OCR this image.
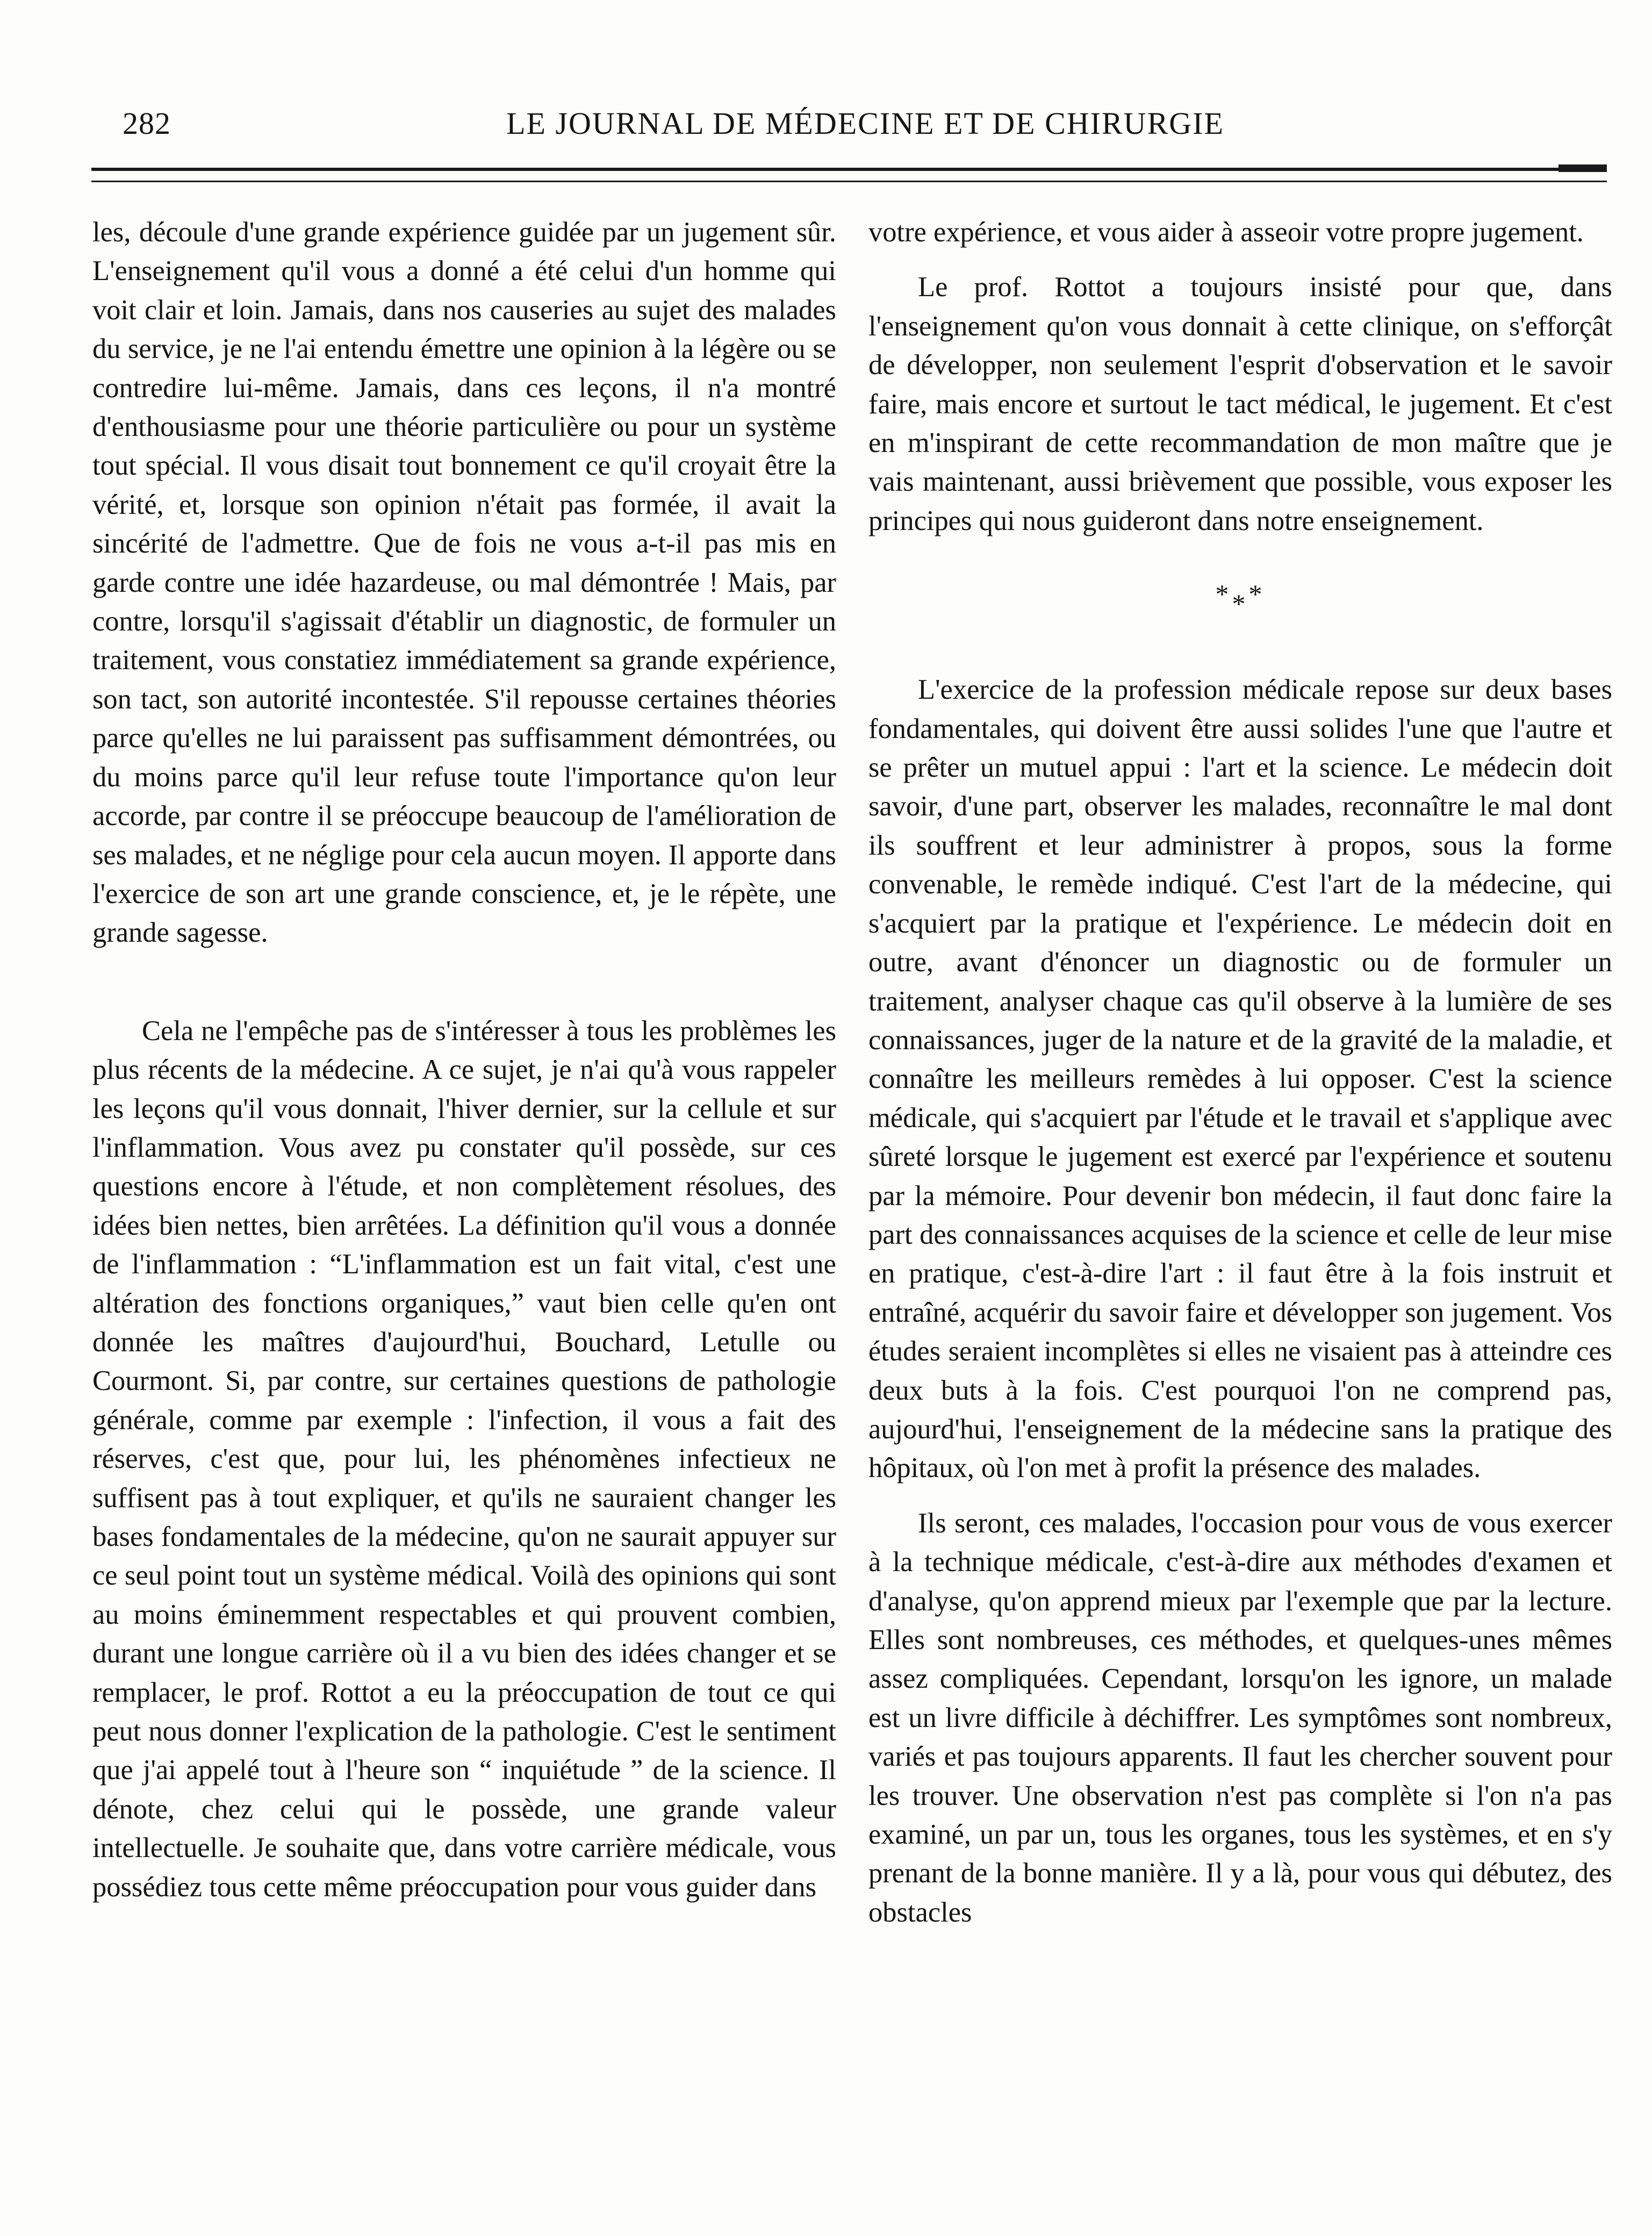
282	LE JOURNAL DE MÉDECINE ET DE CHIRURGIE

les, découle d'une grande expérience guidée par un jugement sûr. L'enseignement qu'il vous a donné a été celui d'un homme qui voit clair et loin. Jamais, dans nos causeries au sujet des malades du service, je ne l'ai entendu émettre une opinion à la légère ou se contredire lui-même. Jamais, dans ces leçons, il n'a montré d'enthousiasme pour une théorie particulière ou pour un système tout spécial. Il vous disait tout bonnement ce qu'il croyait être la vérité, et, lorsque son opinion n'était pas formée, il avait la sincérité de l'admettre. Que de fois ne vous a-t-il pas mis en garde contre une idée hazardeuse, ou mal démontrée ! Mais, par contre, lorsqu'il s'agissait d'établir un diagnostic, de formuler un traitement, vous constatiez immédiatement sa grande expérience, son tact, son autorité incontestée. S'il repousse certaines théories parce qu'elles ne lui paraissent pas suffisamment démontrées, ou du moins parce qu'il leur refuse toute l'importance qu'on leur accorde, par contre il se préoccupe beaucoup de l'amélioration de ses malades, et ne néglige pour cela aucun moyen. Il apporte dans l'exercice de son art une grande conscience, et, je le répète, une grande sagesse.

Cela ne l'empêche pas de s'intéresser à tous les problèmes les plus récents de la médecine. A ce sujet, je n'ai qu'à vous rappeler les leçons qu'il vous donnait, l'hiver dernier, sur la cellule et sur l'inflammation. Vous avez pu constater qu'il possède, sur ces questions encore à l'étude, et non complètement résolues, des idées bien nettes, bien arrêtées. La définition qu'il vous a donnée de l'inflammation : “L'inflammation est un fait vital, c'est une altération des fonctions organiques,” vaut bien celle qu'en ont donnée les maîtres d'aujourd'hui, Bouchard, Letulle ou Courmont. Si, par contre, sur certaines questions de pathologie générale, comme par exemple : l'infection, il vous a fait des réserves, c'est que, pour lui, les phénomènes infectieux ne suffisent pas à tout expliquer, et qu'ils ne sauraient changer les bases fondamentales de la médecine, qu'on ne saurait appuyer sur ce seul point tout un système médical. Voilà des opinions qui sont au moins éminemment respectables et qui prouvent combien, durant une longue carrière où il a vu bien des idées changer et se remplacer, le prof. Rottot a eu la préoccupation de tout ce qui peut nous donner l'explication de la pathologie. C'est le sentiment que j'ai appelé tout à l'heure son “ inquiétude ” de la science. Il dénote, chez celui qui le possède, une grande valeur intellectuelle. Je souhaite que, dans votre carrière médicale, vous possédiez tous cette même préoccupation pour vous guider dans

votre expérience, et vous aider à asseoir votre propre jugement.

Le prof. Rottot a toujours insisté pour que, dans l'enseignement qu'on vous donnait à cette clinique, on s'efforçât de développer, non seulement l'esprit d'observation et le savoir faire, mais encore et surtout le tact médical, le jugement. Et c'est en m'inspirant de cette recommandation de mon maître que je vais maintenant, aussi brièvement que possible, vous exposer les principes qui nous guideront dans notre enseignement.

***

L'exercice de la profession médicale repose sur deux bases fondamentales, qui doivent être aussi solides l'une que l'autre et se prêter un mutuel appui : l'art et la science. Le médecin doit savoir, d'une part, observer les malades, reconnaître le mal dont ils souffrent et leur administrer à propos, sous la forme convenable, le remède indiqué. C'est l'art de la médecine, qui s'acquiert par la pratique et l'expérience. Le médecin doit en outre, avant d'énoncer un diagnostic ou de formuler un traitement, analyser chaque cas qu'il observe à la lumière de ses connaissances, juger de la nature et de la gravité de la maladie, et connaître les meilleurs remèdes à lui opposer. C'est la science médicale, qui s'acquiert par l'étude et le travail et s'applique avec sûreté lorsque le jugement est exercé par l'expérience et soutenu par la mémoire. Pour devenir bon médecin, il faut donc faire la part des connaissances acquises de la science et celle de leur mise en pratique, c'est-à-dire l'art : il faut être à la fois instruit et entraîné, acquérir du savoir faire et développer son jugement. Vos études seraient incomplètes si elles ne visaient pas à atteindre ces deux buts à la fois. C'est pourquoi l'on ne comprend pas, aujourd'hui, l'enseignement de la médecine sans la pratique des hôpitaux, où l'on met à profit la présence des malades.

Ils seront, ces malades, l'occasion pour vous de vous exercer à la technique médicale, c'est-à-dire aux méthodes d'examen et d'analyse, qu'on apprend mieux par l'exemple que par la lecture. Elles sont nombreuses, ces méthodes, et quelques-unes mêmes assez compliquées. Cependant, lorsqu'on les ignore, un malade est un livre difficile à déchiffrer. Les symptômes sont nombreux, variés et pas toujours apparents. Il faut les chercher souvent pour les trouver. Une observation n'est pas complète si l'on n'a pas examiné, un par un, tous les organes, tous les systèmes, et en s'y prenant de la bonne manière. Il y a là, pour vous qui débutez, des obstacles
